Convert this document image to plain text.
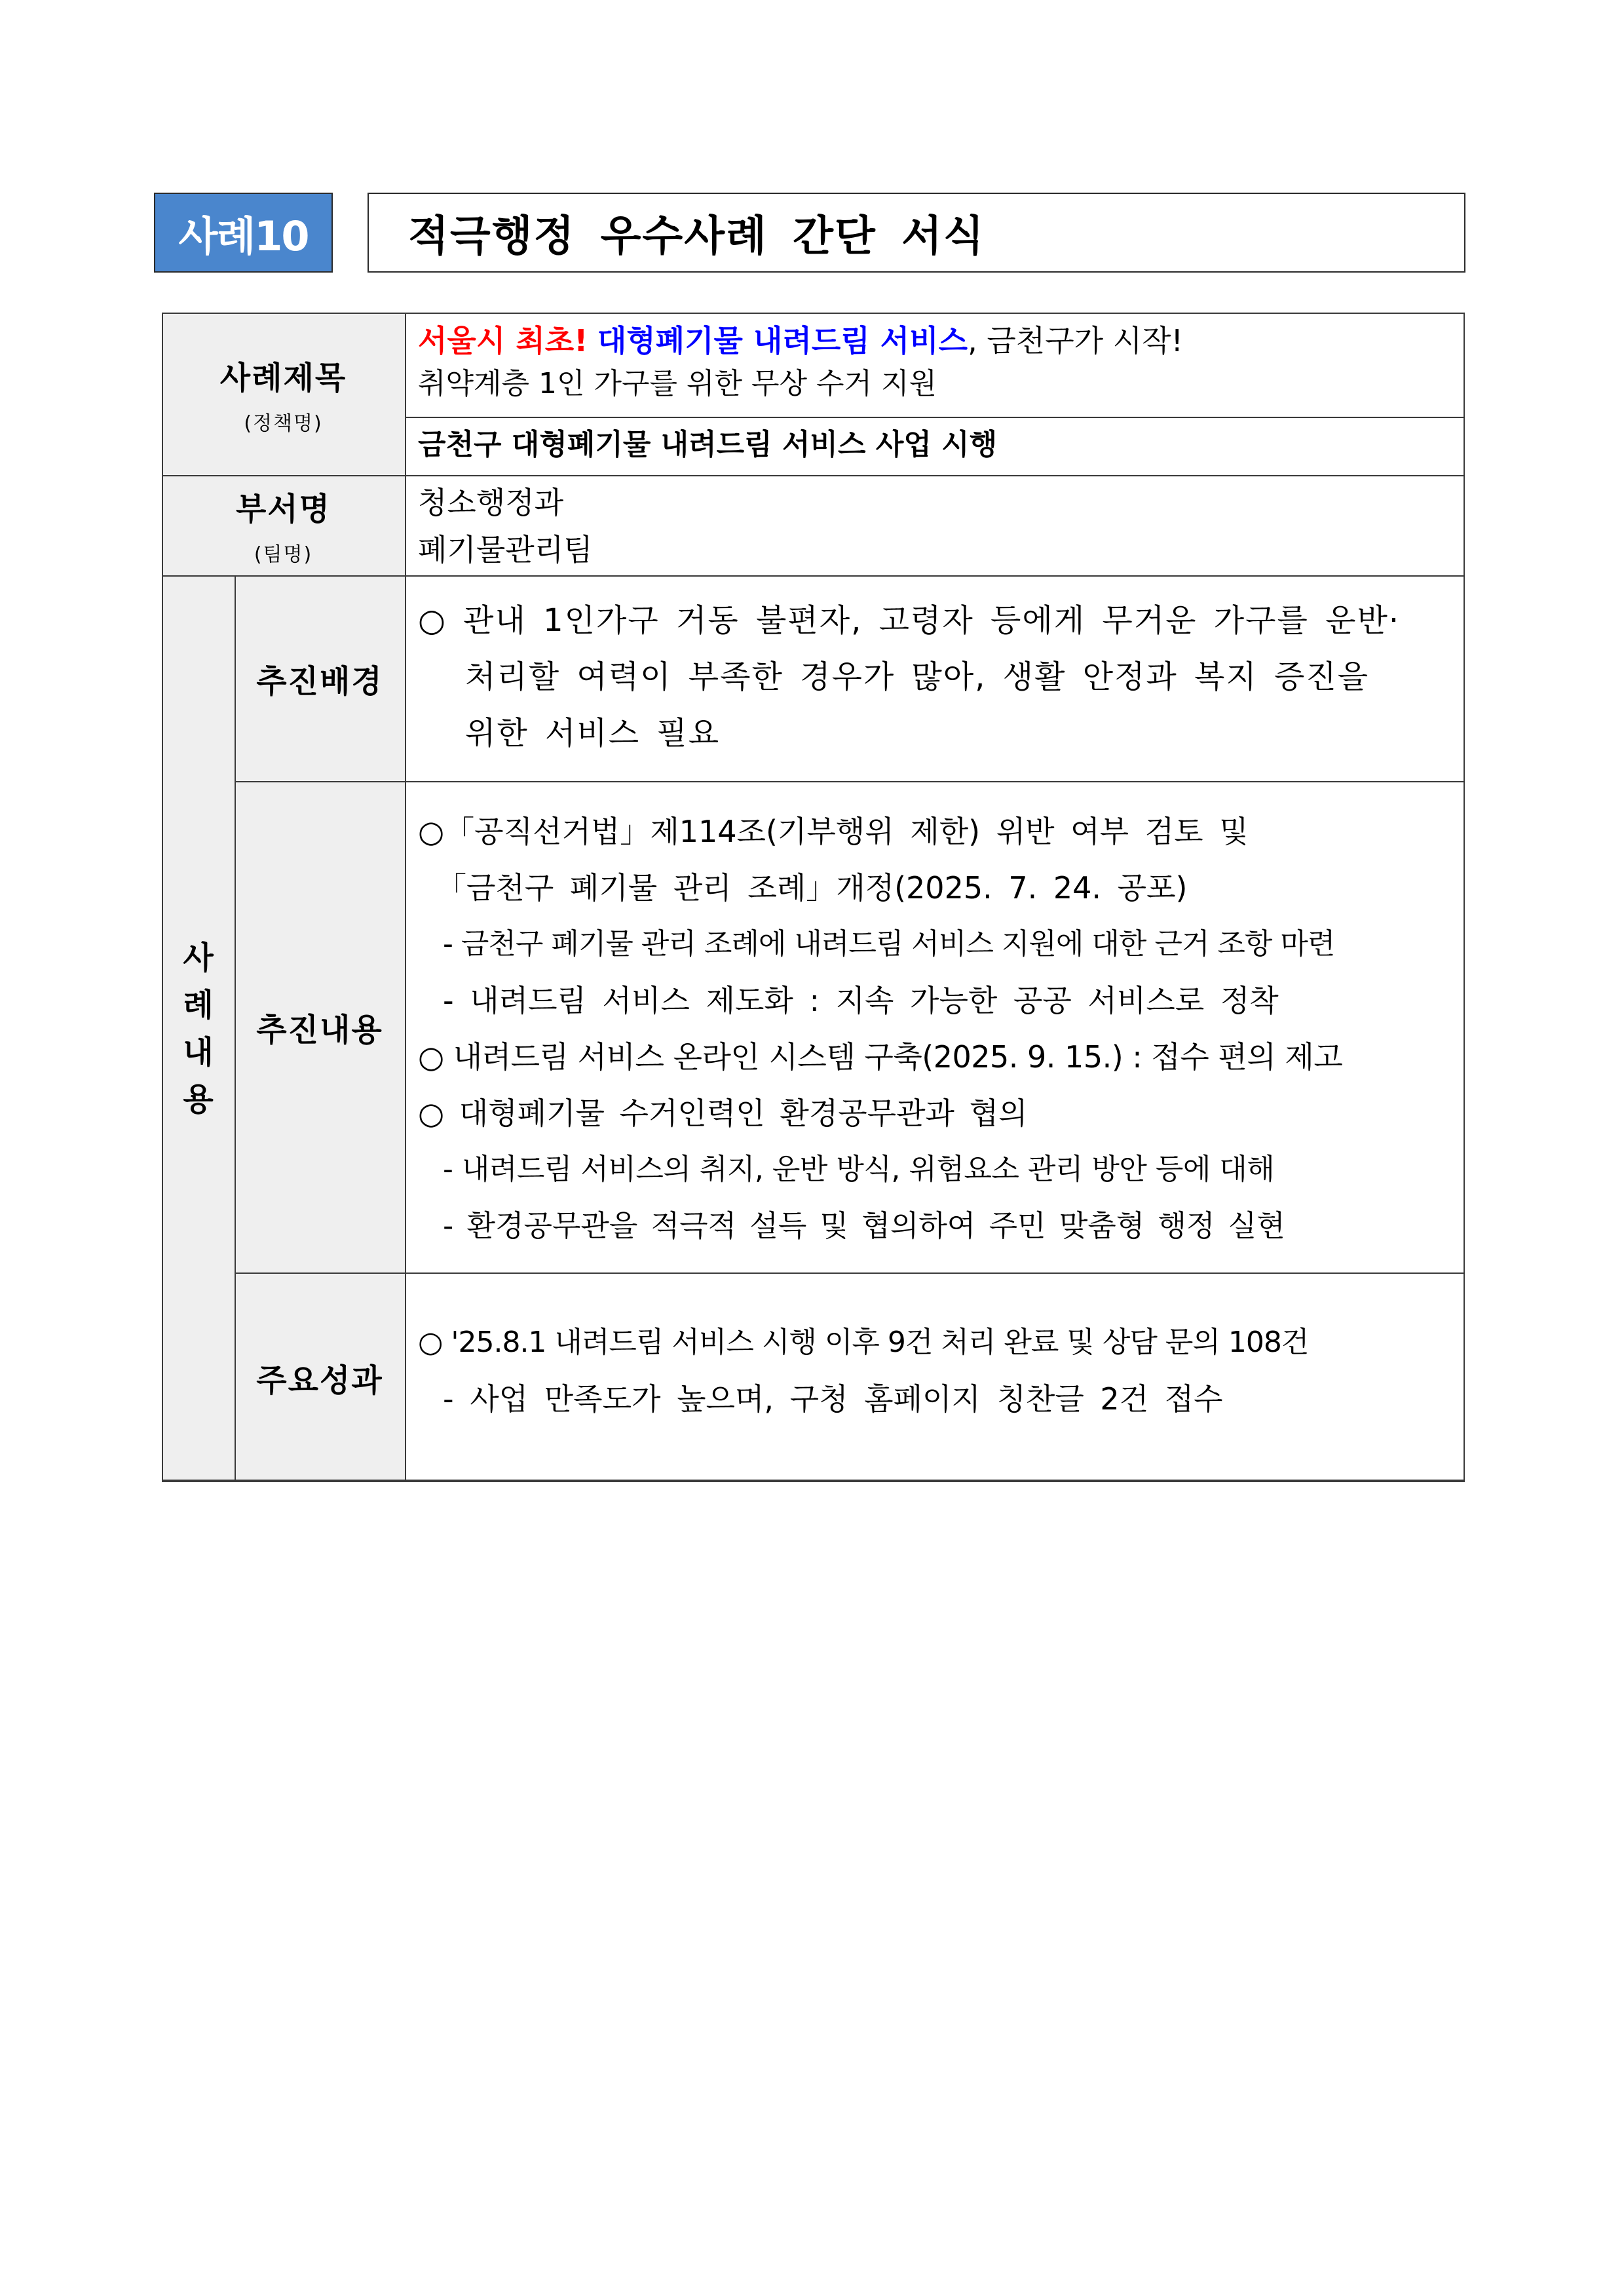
사례10	적극행정 우수사례 간단 서식
사례제목
(정책명)
서울시 최초! 대형폐기물 내려드림 서비스, 금천구가 시작!
취약계층 1인 가구를 위한 무상 수거 지원
금천구 대형폐기물 내려드림 서비스 사업 시행
부서명
(팀명)
청소행정과
폐기물관리팀
사
례
내
용
추진배경
○ 관내 1인가구 거동 불편자, 고령자 등에게 무거운 가구를 운반·
처리할 여력이 부족한 경우가 많아, 생활 안정과 복지 증진을
위한 서비스 필요
추진내용
○「공직선거법」제114조(기부행위 제한) 위반 여부 검토 및
「금천구 폐기물 관리 조례」개정(2025. 7. 24. 공포)
- 금천구 폐기물 관리 조례에 내려드림 서비스 지원에 대한 근거 조항 마련
- 내려드림 서비스 제도화 : 지속 가능한 공공 서비스로 정착
○ 내려드림 서비스 온라인 시스템 구축(2025. 9. 15.) : 접수 편의 제고
○ 대형폐기물 수거인력인 환경공무관과 협의
- 내려드림 서비스의 취지, 운반 방식, 위험요소 관리 방안 등에 대해
- 환경공무관을 적극적 설득 및 협의하여 주민 맞춤형 행정 실현
주요성과
○ '25.8.1 내려드림 서비스 시행 이후 9건 처리 완료 및 상담 문의 108건
- 사업 만족도가 높으며, 구청 홈페이지 칭찬글 2건 접수
